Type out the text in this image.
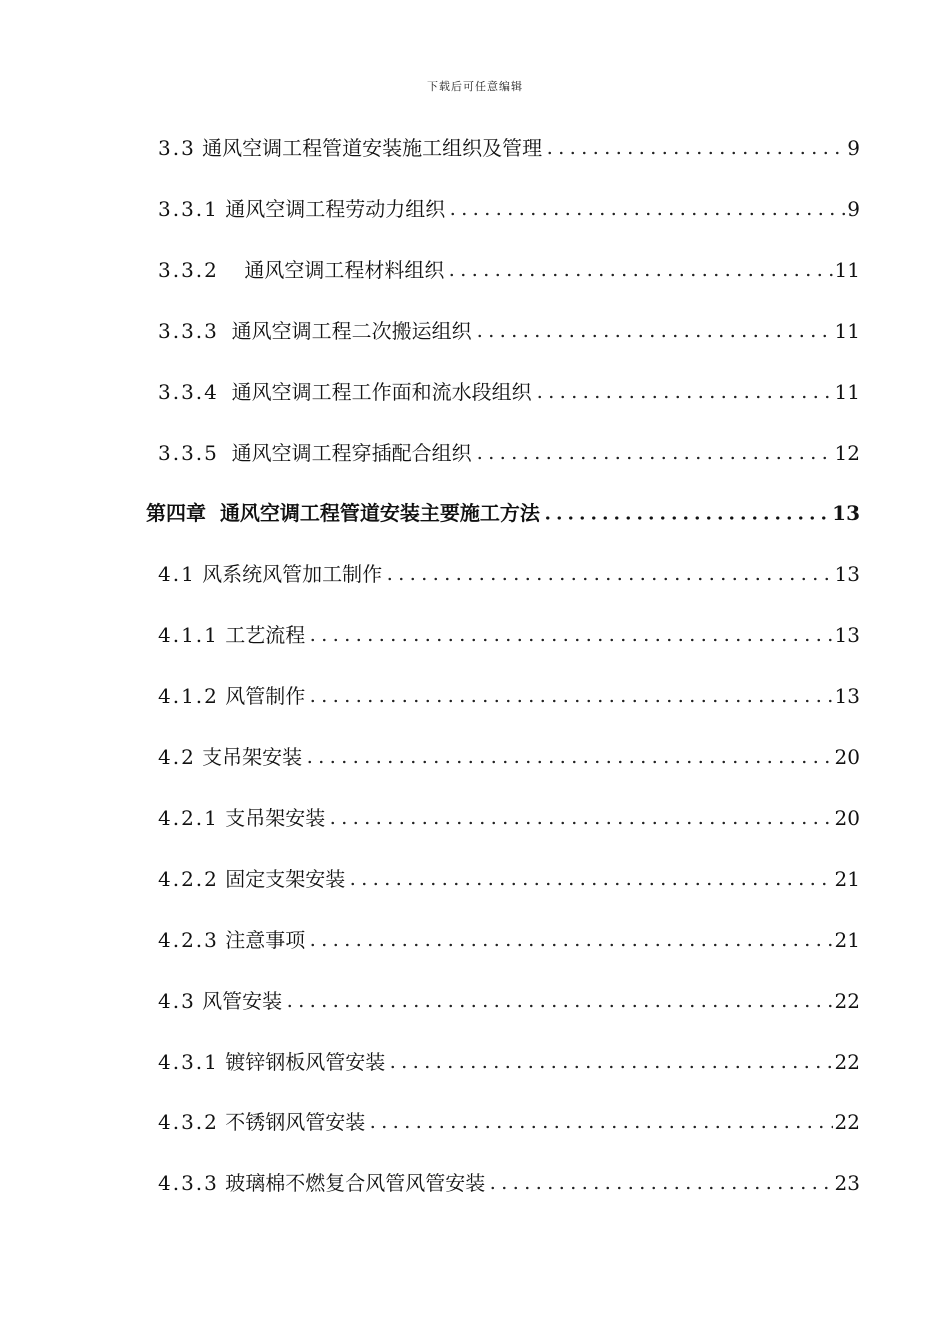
下载后可任意编辑
3.3 通风空调工程管道安装施工组织及管理	9
3.3.1 通风空调工程劳动力组织	9
3.3.2 通风空调工程材料组织	11
3.3.3 通风空调工程二次搬运组织	11
3.3.4 通风空调工程工作面和流水段组织	11
3.3.5 通风空调工程穿插配合组织	12
第四章 通风空调工程管道安装主要施工方法	13
4.1 风系统风管加工制作	13
4.1.1 工艺流程	13
4.1.2 风管制作	13
4.2 支吊架安装	20
4.2.1 支吊架安装	20
4.2.2 固定支架安装	21
4.2.3 注意事项	21
4.3 风管安装	22
4.3.1 镀锌钢板风管安装	22
4.3.2 不锈钢风管安装	22
4.3.3 玻璃棉不燃复合风管风管安装	23
